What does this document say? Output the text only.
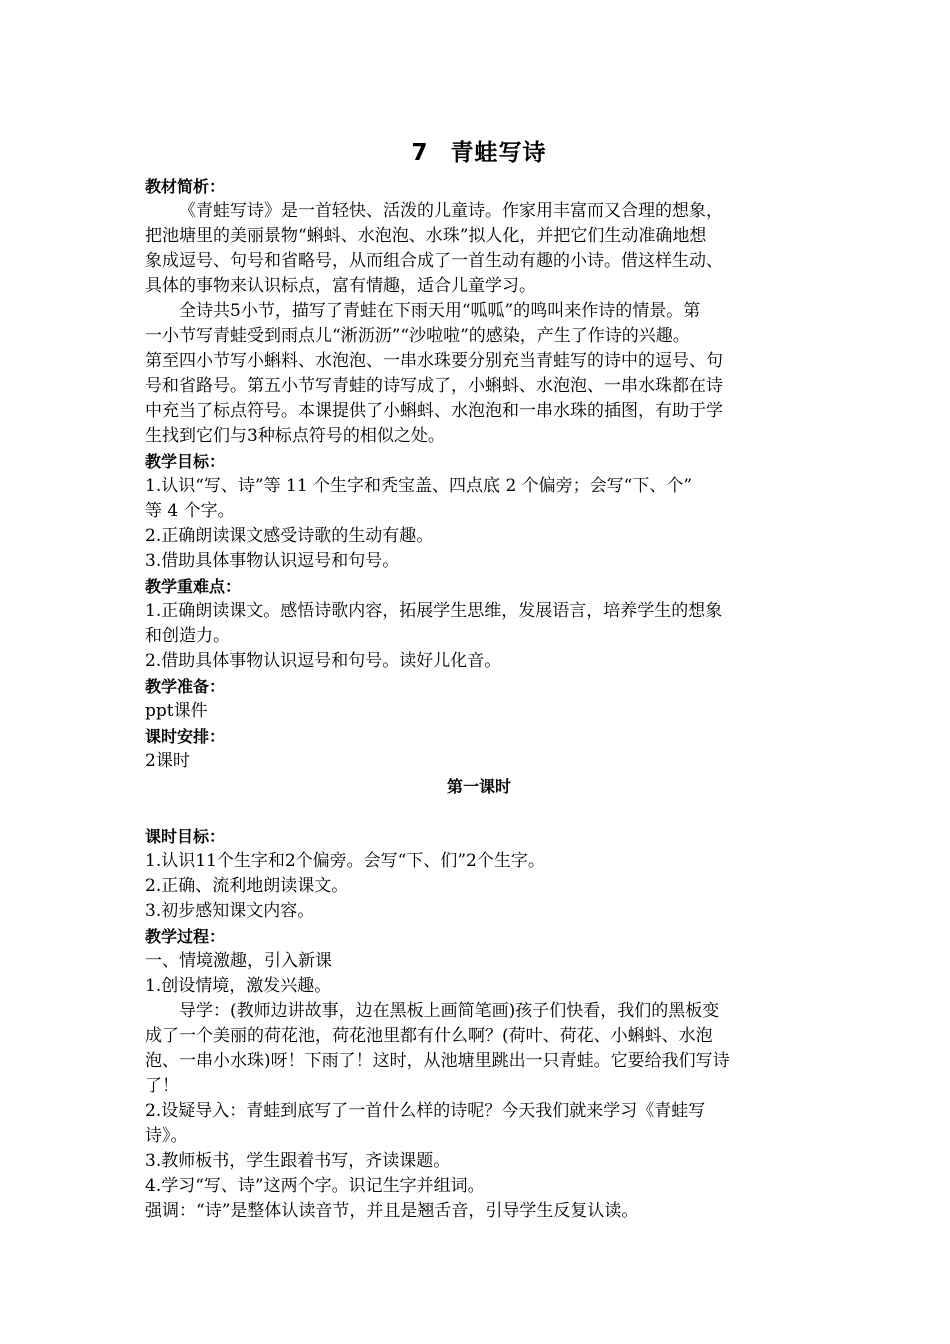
7 青蛙写诗
教材简析：
《青蛙写诗》是一首轻快、活泼的儿童诗。作家用丰富而又合理的想象，
把池塘里的美丽景物“蝌蚪、水泡泡、水珠”拟人化，并把它们生动准确地想
象成逗号、句号和省略号，从而组合成了一首生动有趣的小诗。借这样生动、
具体的事物来认识标点，富有情趣，适合儿童学习。
全诗共5小节，描写了青蛙在下雨天用“呱呱”的鸣叫来作诗的情景。第
一小节写青蛙受到雨点儿“淅沥沥”“沙啦啦”的感染，产生了作诗的兴趣。
第至四小节写小蝌料、水泡泡、一串水珠要分别充当青蛙写的诗中的逗号、句
号和省路号。第五小节写青蛙的诗写成了，小蝌蚪、水泡泡、一串水珠都在诗
中充当了标点符号。本课提供了小蝌蚪、水泡泡和一串水珠的插图，有助于学
生找到它们与3种标点符号的相似之处。
教学目标：
1.认识“写、诗”等 11 个生字和秃宝盖、四点底 2 个偏旁；会写“下、个”
等 4 个字。
2.正确朗读课文感受诗歌的生动有趣。
3.借助具体事物认识逗号和句号。
教学重难点：
1.正确朗读课文。感悟诗歌内容，拓展学生思维，发展语言，培养学生的想象
和创造力。
2.借助具体事物认识逗号和句号。读好儿化音。
教学准备：
ppt课件
课时安排：
2课时
第一课时
课时目标：
1.认识11个生字和2个偏旁。会写“下、们”2个生字。
2.正确、流利地朗读课文。
3.初步感知课文内容。
教学过程：
一、情境激趣，引入新课
1.创设情境，激发兴趣。
导学：(教师边讲故事，边在黑板上画简笔画)孩子们快看，我们的黑板变
成了一个美丽的荷花池，荷花池里都有什么啊？(荷叶、荷花、小蝌蚪、水泡
泡、一串小水珠)呀！下雨了！这时，从池塘里跳出一只青蛙。它要给我们写诗
了！
2.设疑导入：青蛙到底写了一首什么样的诗呢？今天我们就来学习《青蛙写
诗》。
3.教师板书，学生跟着书写，齐读课题。
4.学习“写、诗”这两个字。识记生字并组词。
强调：“诗”是整体认读音节，并且是翘舌音，引导学生反复认读。
